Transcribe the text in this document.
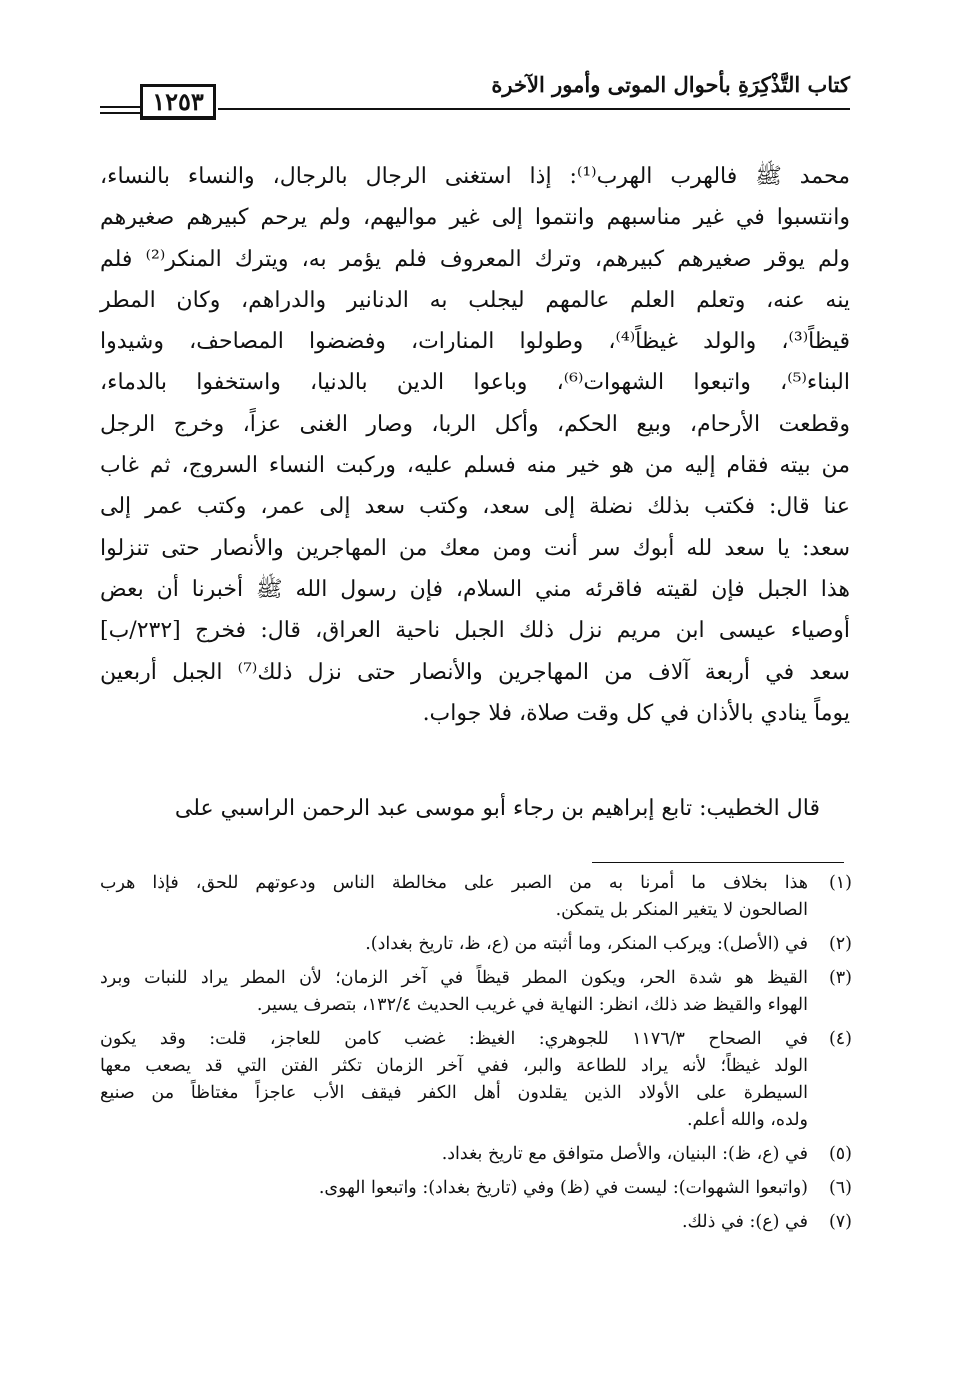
كتاب التَّذْكِرَةِ بأحوال الموتى وأمور الآخرة
١٢٥٣
محمد ﷺ فالهرب الهرب⁽¹⁾: إذا استغنى الرجال بالرجال، والنساء بالنساء،
وانتسبوا في غير مناسبهم وانتموا إلى غير مواليهم، ولم يرحم كبيرهم صغيرهم
ولم يوقر صغيرهم كبيرهم، وترك المعروف فلم يؤمر به، ويترك المنكر⁽²⁾ فلم
ينه عنه، وتعلم العلم عالمهم ليجلب به الدنانير والدراهم، وكان المطر
قيظاً⁽³⁾، والولد غيظاً⁽⁴⁾، وطولوا المنارات، وفضضوا المصاحف، وشيدوا
البناء⁽⁵⁾، واتبعوا الشهوات⁽⁶⁾، وباعوا الدين بالدنيا، واستخفوا بالدماء،
وقطعت الأرحام، وبيع الحكم، وأكل الربا، وصار الغنى عزاً، وخرج الرجل
من بيته فقام إليه من هو خير منه فسلم عليه، وركبت النساء السروج، ثم غاب
عنا قال: فكتب بذلك نضلة إلى سعد، وكتب سعد إلى عمر، وكتب عمر إلى
سعد: يا سعد لله أبوك سر أنت ومن معك من المهاجرين والأنصار حتى تنزلوا
هذا الجبل فإن لقيته فاقرئه مني السلام، فإن رسول الله ﷺ أخبرنا أن بعض
أوصياء عيسى ابن مريم نزل ذلك الجبل ناحية العراق، قال: فخرج [٢٣٢/ب]
سعد في أربعة آلاف من المهاجرين والأنصار حتى نزل ذلك⁽⁷⁾ الجبل أربعين
يوماً ينادي بالأذان في كل وقت صلاة، فلا جواب.
قال الخطيب: تابع إبراهيم بن رجاء أبو موسى عبد الرحمن الراسبي على
(١)
هذا بخلاف ما أمرنا به من الصبر على مخالطة الناس ودعوتهم للحق، فإذا هرب
الصالحون لا يتغير المنكر بل يتمكن.
(٢)
في (الأصل): ويركب المنكر، وما أثبته من (ع، ظ، تاريخ بغداد).
(٣)
القيظ هو شدة الحر، ويكون المطر قيظاً في آخر الزمان؛ لأن المطر يراد للنبات وبرد
الهواء والقيظ ضد ذلك، انظر: النهاية في غريب الحديث ١٣٢/٤، بتصرف يسير.
(٤)
في الصحاح ١١٧٦/٣ للجوهري: الغيظ: غضب كامن للعاجز، قلت: وقد يكون
الولد غيظاً؛ لأنه يراد للطاعة والبر، ففي آخر الزمان تكثر الفتن التي قد يصعب معها
السيطرة على الأولاد الذين يقلدون أهل الكفر فيقف الأب عاجزاً مغتاظاً من صنيع
ولده، والله أعلم.
(٥)
في (ع، ظ): البنيان، والأصل متوافق مع تاريخ بغداد.
(٦)
(واتبعوا الشهوات): ليست في (ظ) وفي (تاريخ بغداد): واتبعوا الهوى.
(٧)
في (ع): في ذلك.
